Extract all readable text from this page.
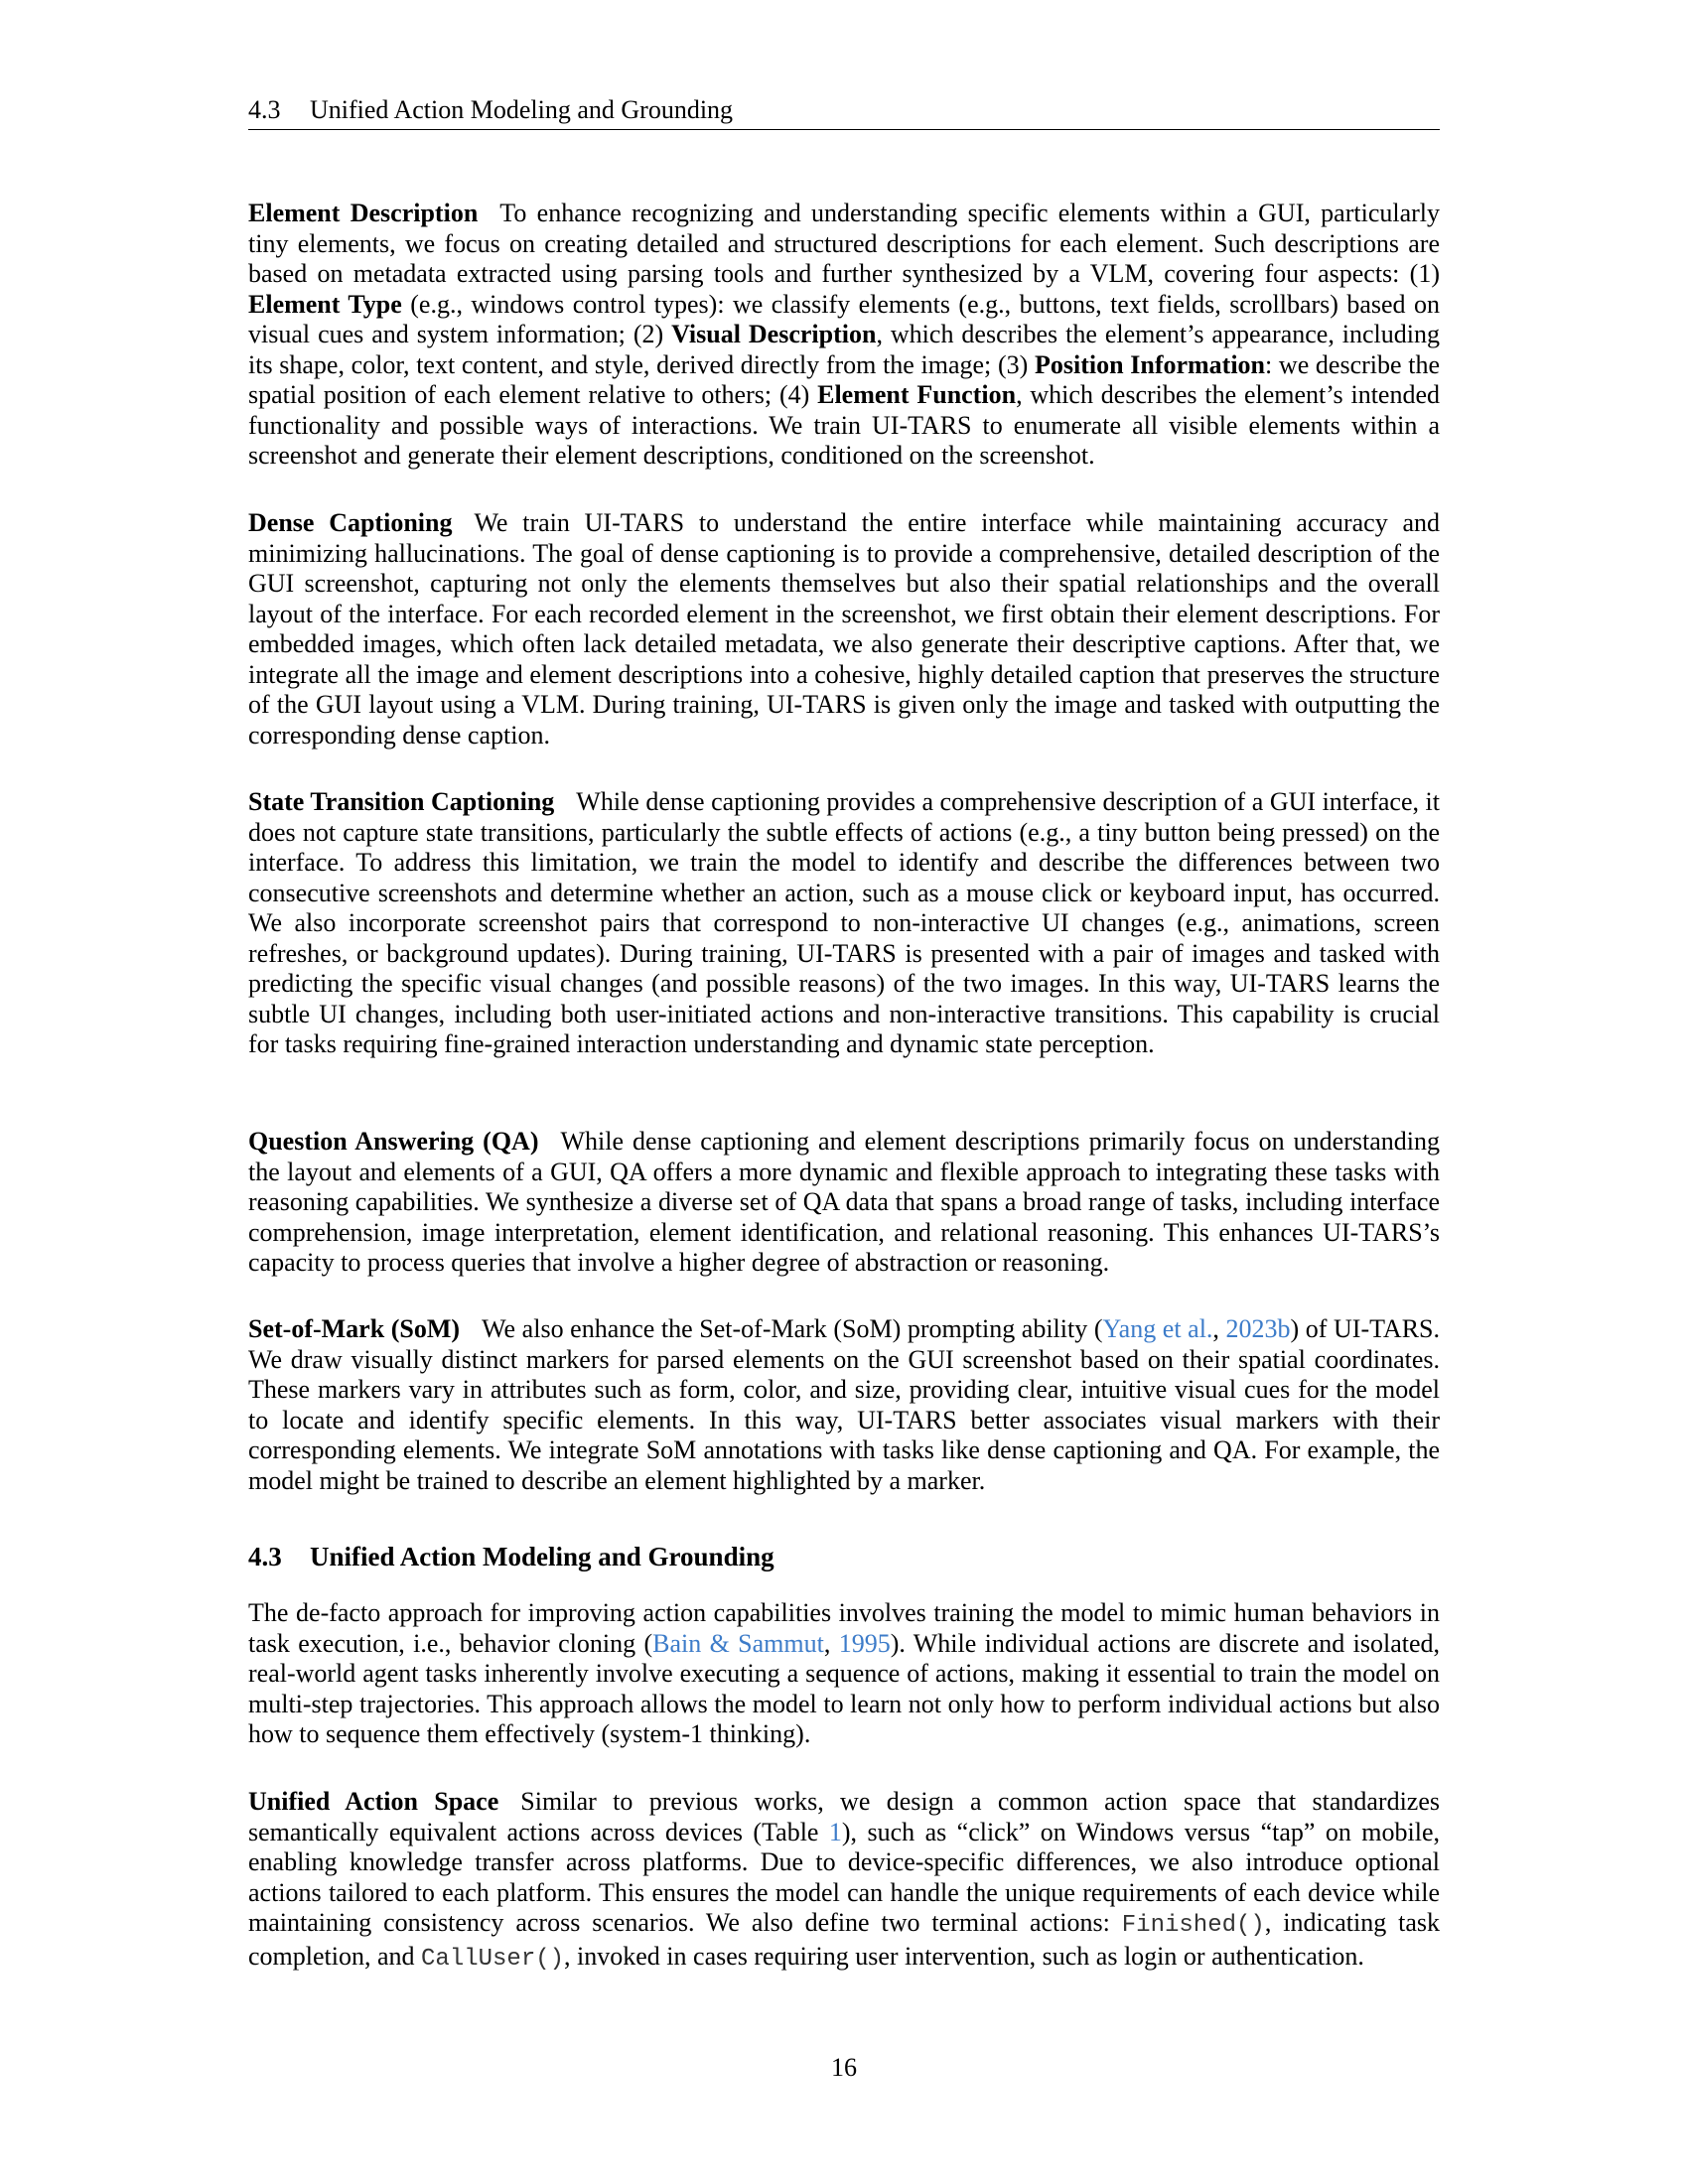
4.3 Unified Action Modeling and Grounding

Element Description To enhance recognizing and understanding specific elements within a GUI, particularly tiny elements, we focus on creating detailed and structured descriptions for each element. Such descriptions are based on metadata extracted using parsing tools and further synthesized by a VLM, covering four aspects: (1) Element Type (e.g., windows control types): we classify elements (e.g., buttons, text fields, scrollbars) based on visual cues and system information; (2) Visual Description, which describes the element’s appearance, including its shape, color, text content, and style, derived directly from the image; (3) Position Information: we describe the spatial position of each element relative to others; (4) Element Function, which describes the element’s intended functionality and possible ways of interactions. We train UI-TARS to enumerate all visible elements within a screenshot and generate their element descriptions, conditioned on the screenshot.

Dense Captioning We train UI-TARS to understand the entire interface while maintaining accuracy and minimizing hallucinations. The goal of dense captioning is to provide a comprehensive, detailed description of the GUI screenshot, capturing not only the elements themselves but also their spatial relationships and the overall layout of the interface. For each recorded element in the screenshot, we first obtain their element descriptions. For embedded images, which often lack detailed metadata, we also generate their descriptive captions. After that, we integrate all the image and element descriptions into a cohesive, highly detailed caption that preserves the structure of the GUI layout using a VLM. During training, UI-TARS is given only the image and tasked with outputting the corresponding dense caption.

State Transition Captioning While dense captioning provides a comprehensive description of a GUI interface, it does not capture state transitions, particularly the subtle effects of actions (e.g., a tiny button being pressed) on the interface. To address this limitation, we train the model to identify and describe the differences between two consecutive screenshots and determine whether an action, such as a mouse click or keyboard input, has occurred. We also incorporate screenshot pairs that correspond to non-interactive UI changes (e.g., animations, screen refreshes, or background updates). During training, UI-TARS is presented with a pair of images and tasked with predicting the specific visual changes (and possible reasons) of the two images. In this way, UI-TARS learns the subtle UI changes, including both user-initiated actions and non-interactive transitions. This capability is crucial for tasks requiring fine-grained interaction understanding and dynamic state perception.

Question Answering (QA) While dense captioning and element descriptions primarily focus on understanding the layout and elements of a GUI, QA offers a more dynamic and flexible approach to integrating these tasks with reasoning capabilities. We synthesize a diverse set of QA data that spans a broad range of tasks, including interface comprehension, image interpretation, element identification, and relational reasoning. This enhances UI-TARS’s capacity to process queries that involve a higher degree of abstraction or reasoning.

Set-of-Mark (SoM) We also enhance the Set-of-Mark (SoM) prompting ability (Yang et al., 2023b) of UI-TARS. We draw visually distinct markers for parsed elements on the GUI screenshot based on their spatial coordinates. These markers vary in attributes such as form, color, and size, providing clear, intuitive visual cues for the model to locate and identify specific elements. In this way, UI-TARS better associates visual markers with their corresponding elements. We integrate SoM annotations with tasks like dense captioning and QA. For example, the model might be trained to describe an element highlighted by a marker.

4.3 Unified Action Modeling and Grounding

The de-facto approach for improving action capabilities involves training the model to mimic human behaviors in task execution, i.e., behavior cloning (Bain & Sammut, 1995). While individual actions are discrete and isolated, real-world agent tasks inherently involve executing a sequence of actions, making it essential to train the model on multi-step trajectories. This approach allows the model to learn not only how to perform individual actions but also how to sequence them effectively (system-1 thinking).

Unified Action Space Similar to previous works, we design a common action space that standardizes semantically equivalent actions across devices (Table 1), such as “click” on Windows versus “tap” on mobile, enabling knowledge transfer across platforms. Due to device-specific differences, we also introduce optional actions tailored to each platform. This ensures the model can handle the unique requirements of each device while maintaining consistency across scenarios. We also define two terminal actions: Finished(), indicating task completion, and CallUser(), invoked in cases requiring user intervention, such as login or authentication.

16
